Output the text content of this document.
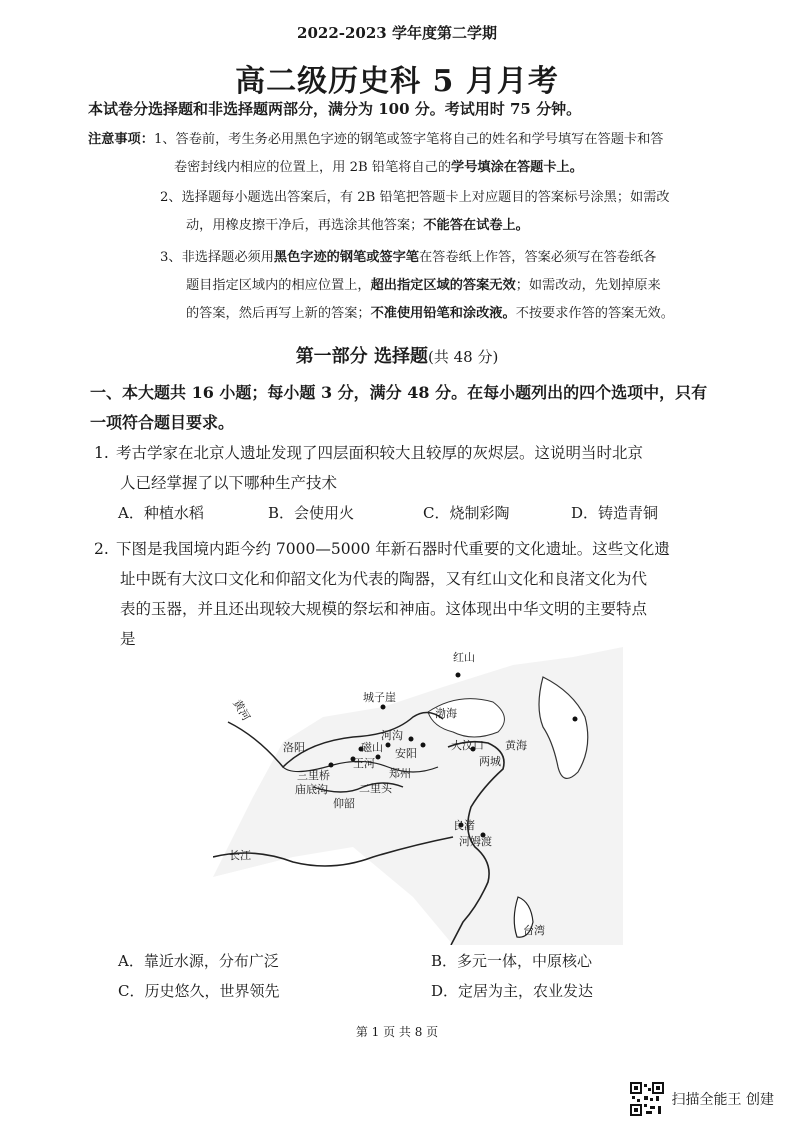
2022-2023 学年度第二学期
高二级历史科 5 月月考
本试卷分选择题和非选择题两部分，满分为 100 分。考试用时 75 分钟。
注意事项：1、答卷前，考生务必用黑色字迹的钢笔或签字笔将自己的姓名和学号填写在答题卡和答
卷密封线内相应的位置上，用 2B 铅笔将自己的学号填涂在答题卡上。
2、选择题每小题选出答案后，有 2B 铅笔把答题卡上对应题目的答案标号涂黑；如需改
动，用橡皮擦干净后，再选涂其他答案；不能答在试卷上。
3、非选择题必须用黑色字迹的钢笔或签字笔在答卷纸上作答，答案必须写在答卷纸各
题目指定区域内的相应位置上，超出指定区域的答案无效；如需改动，先划掉原来
的答案，然后再写上新的答案；不准使用铅笔和涂改液。不按要求作答的答案无效。
第一部分 选择题(共 48 分)
一、本大题共 16 小题；每小题 3 分，满分 48 分。在每小题列出的四个选项中，只有
一项符合题目要求。
1. 考古学家在北京人遗址发现了四层面积较大且较厚的灰烬层。这说明当时北京
人已经掌握了以下哪种生产技术
A．种植水稻	B．会使用火	C．烧制彩陶	D．铸造青铜
2. 下图是我国境内距今约 7000—5000 年新石器时代重要的文化遗址。这些文化遗
址中既有大汶口文化和仰韶文化为代表的陶器，又有红山文化和良渚文化为代
表的玉器，并且还出现较大规模的祭坛和神庙。这体现出中华文明的主要特点
是
红山
城子崖
渤海
黄河
洛阳
河沟
磁山 安阳
王河
大汶口
三里桥	郑州
庙底沟	二里头
仰韶
黄海
两城
良渚
河姆渡
长江
台湾
A．靠近水源，分布广泛	B．多元一体，中原核心
C．历史悠久，世界领先	D．定居为主，农业发达
第 1 页 共 8 页
扫描全能王 创建
